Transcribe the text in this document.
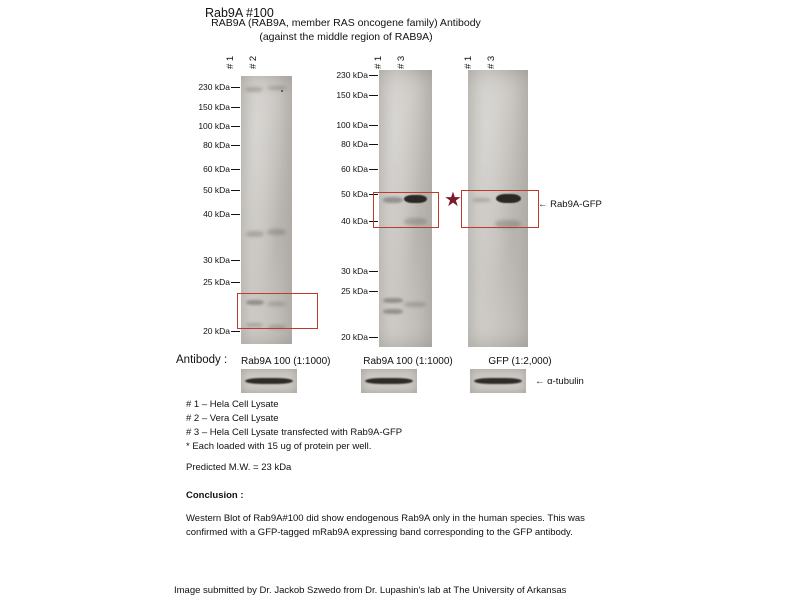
Rab9A #100
RAB9A (RAB9A, member RAS oncogene family) Antibody (against the middle region of RAB9A)
# 1 # 2
230 kDa
150 kDa
100 kDa
80 kDa
60 kDa
50 kDa
40 kDa
30 kDa
25 kDa
20 kDa
# 1 # 3
230 kDa
150 kDa
100 kDa
80 kDa
60 kDa
50 kDa
40 kDa
30 kDa
25 kDa
20 kDa
★
# 1 # 3
← Rab9A-GFP
Antibody : Rab9A 100 (1:1000)	Rab9A 100 (1:1000)	GFP (1:2,000)
← α-tubulin
# 1 – Hela Cell Lysate
# 2 – Vera Cell Lysate
# 3 – Hela Cell Lysate transfected with Rab9A-GFP
* Each loaded with 15 ug of protein per well.
Predicted M.W. = 23 kDa
Conclusion :
Western Blot of Rab9A#100 did show endogenous Rab9A only in the human species. This was confirmed with a GFP-tagged mRab9A expressing band corresponding to the GFP antibody.
Image submitted by Dr. Jackob Szwedo from Dr. Lupashin's lab at The University of Arkansas
